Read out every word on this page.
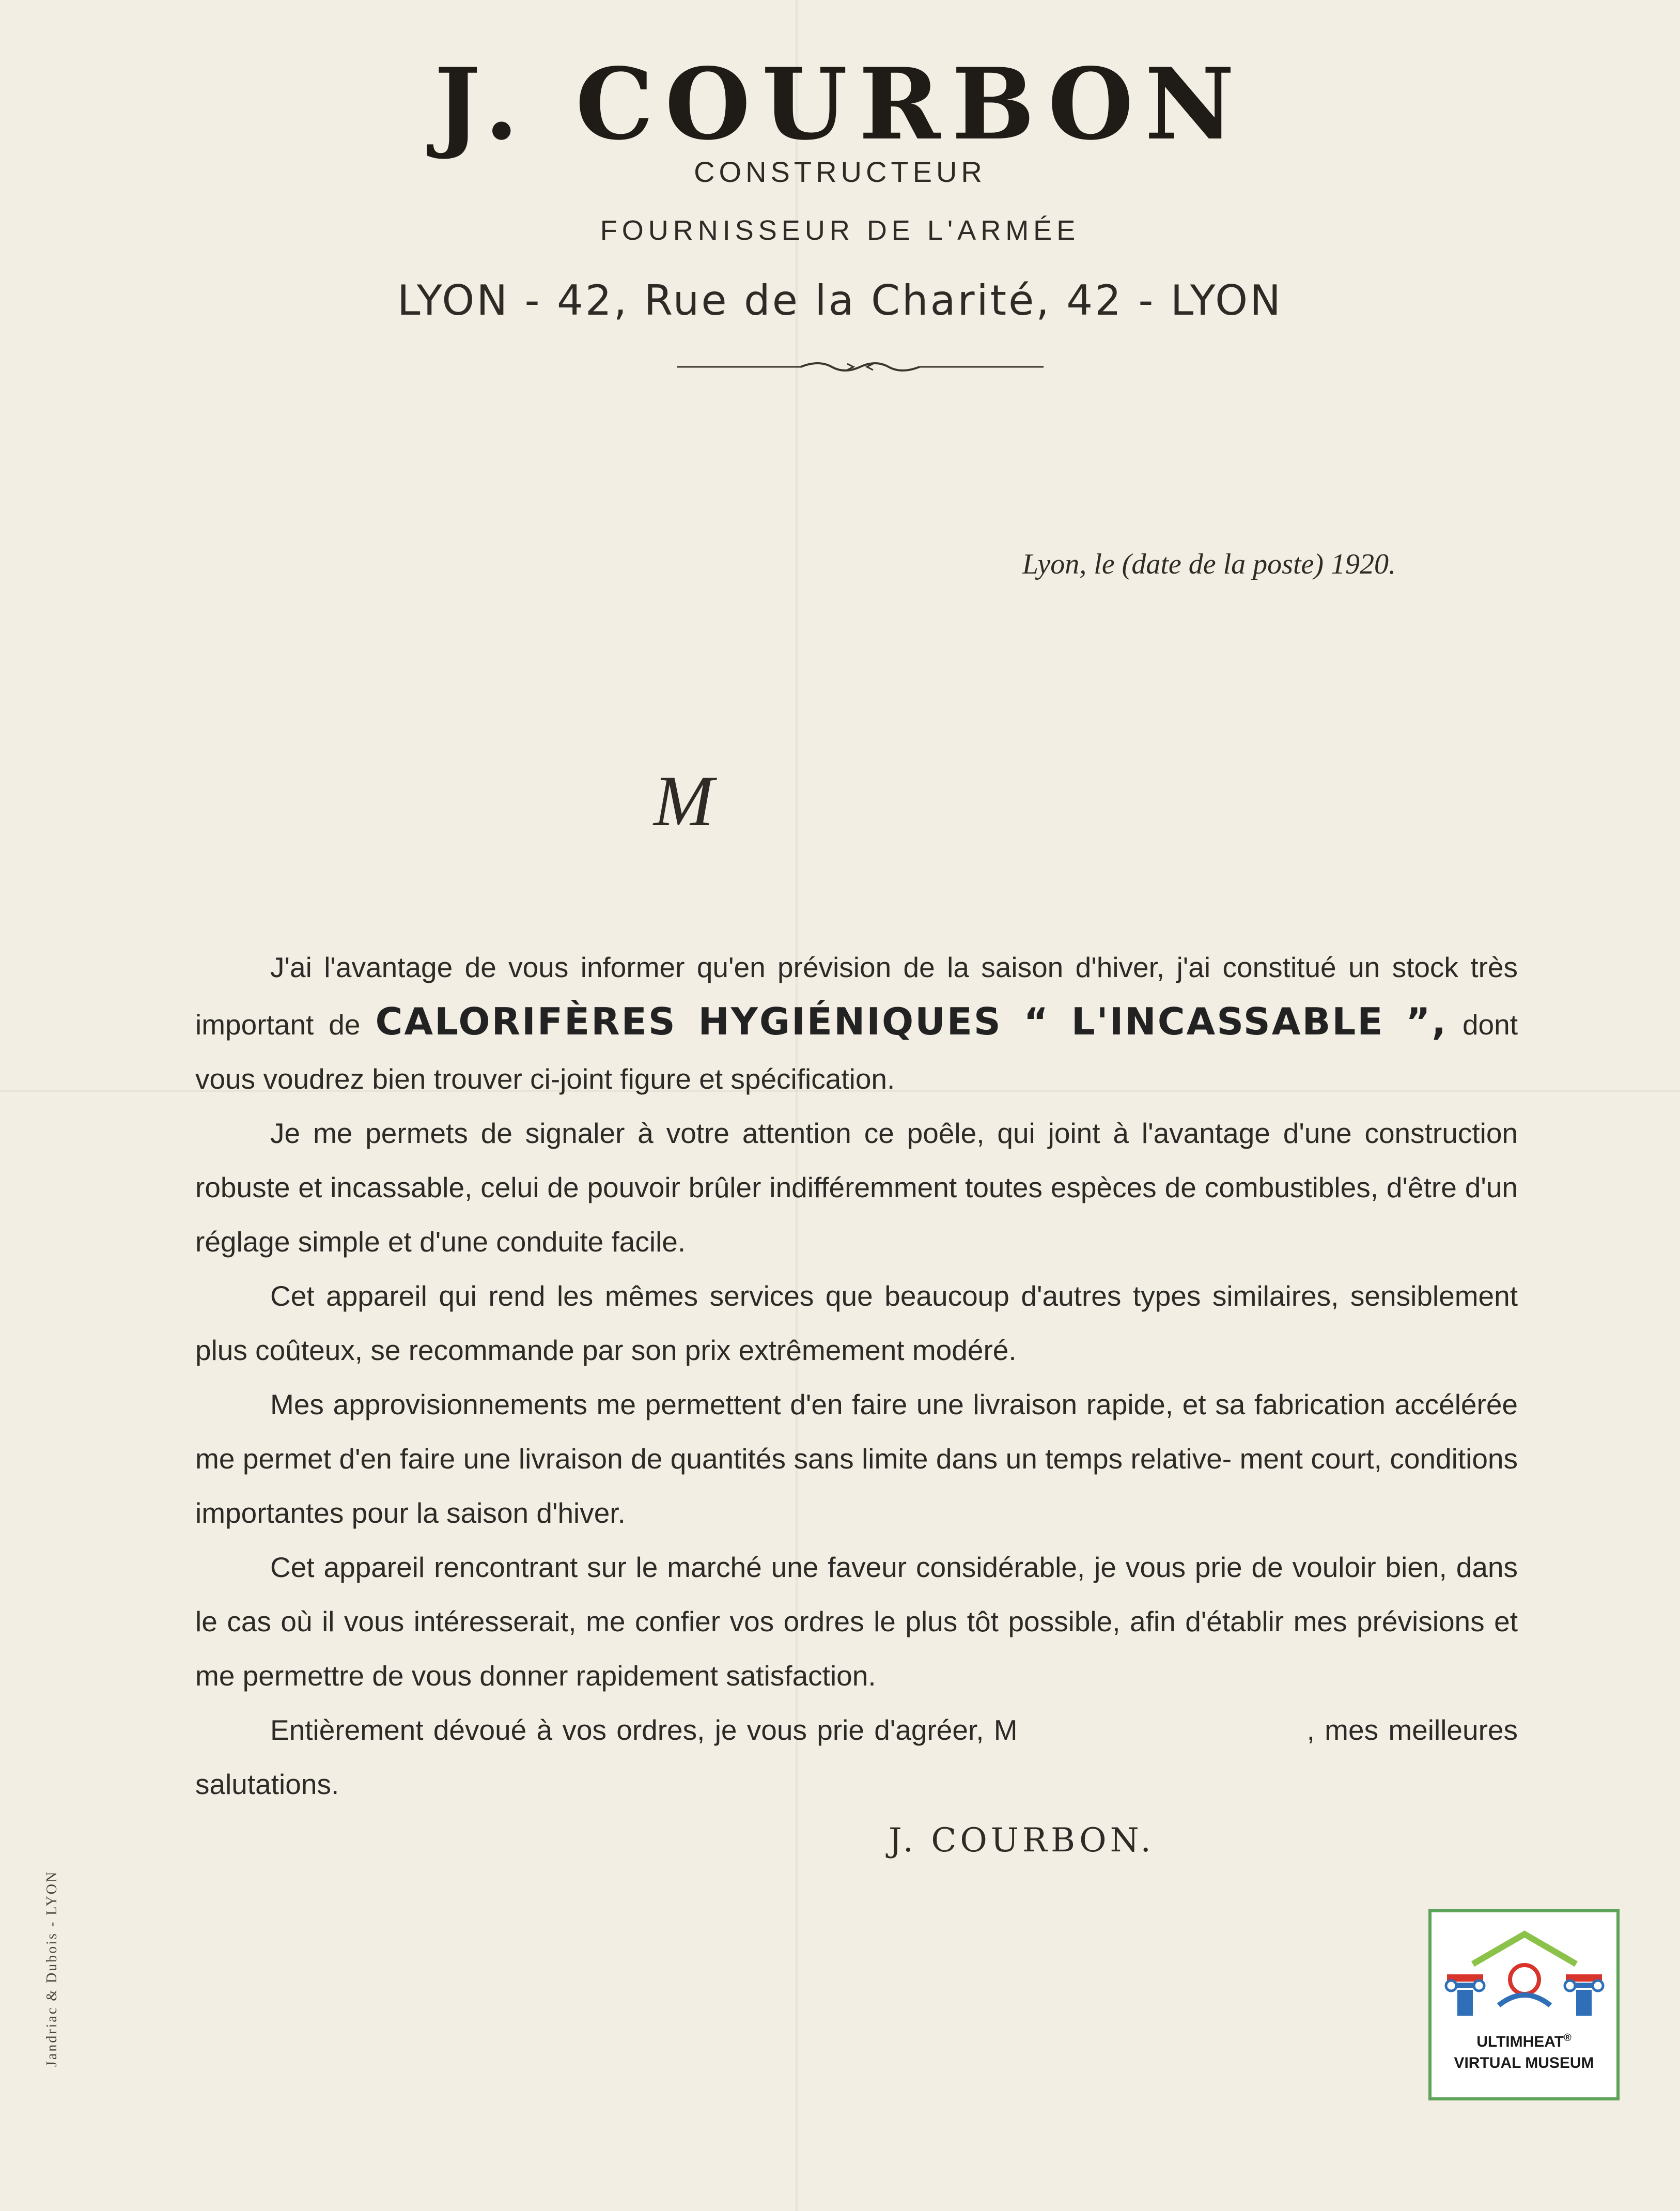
J. COURBON
CONSTRUCTEUR
FOURNISSEUR DE L'ARMÉE
LYON - 42, Rue de la Charité, 42 - LYON
Lyon, le (date de la poste) 1920.
M

J'ai l'avantage de vous informer qu'en prévision de la saison d'hiver, j'ai constitué un stock très important de CALORIFÈRES HYGIÉNIQUES “ L'INCASSABLE ”, dont vous voudrez bien trouver ci-joint figure et spécification.

Je me permets de signaler à votre attention ce poêle, qui joint à l'avantage d'une construction robuste et incassable, celui de pouvoir brûler indifféremment toutes espèces de combustibles, d'être d'un réglage simple et d'une conduite facile.

Cet appareil qui rend les mêmes services que beaucoup d'autres types similaires, sensiblement plus coûteux, se recommande par son prix extrêmement modéré.

Mes approvisionnements me permettent d'en faire une livraison rapide, et sa fabrication accélérée me permet d'en faire une livraison de quantités sans limite dans un temps relative- ment court, conditions importantes pour la saison d'hiver.

Cet appareil rencontrant sur le marché une faveur considérable, je vous prie de vouloir bien, dans le cas où il vous intéresserait, me confier vos ordres le plus tôt possible, afin d'établir mes prévisions et me permettre de vous donner rapidement satisfaction.

Entièrement dévoué à vos ordres, je vous prie d'agréer, M	, mes meilleures salutations.

J. COURBON.
Jandriac & Dubois - LYON	ULTIMHEAT®
VIRTUAL MUSEUM
